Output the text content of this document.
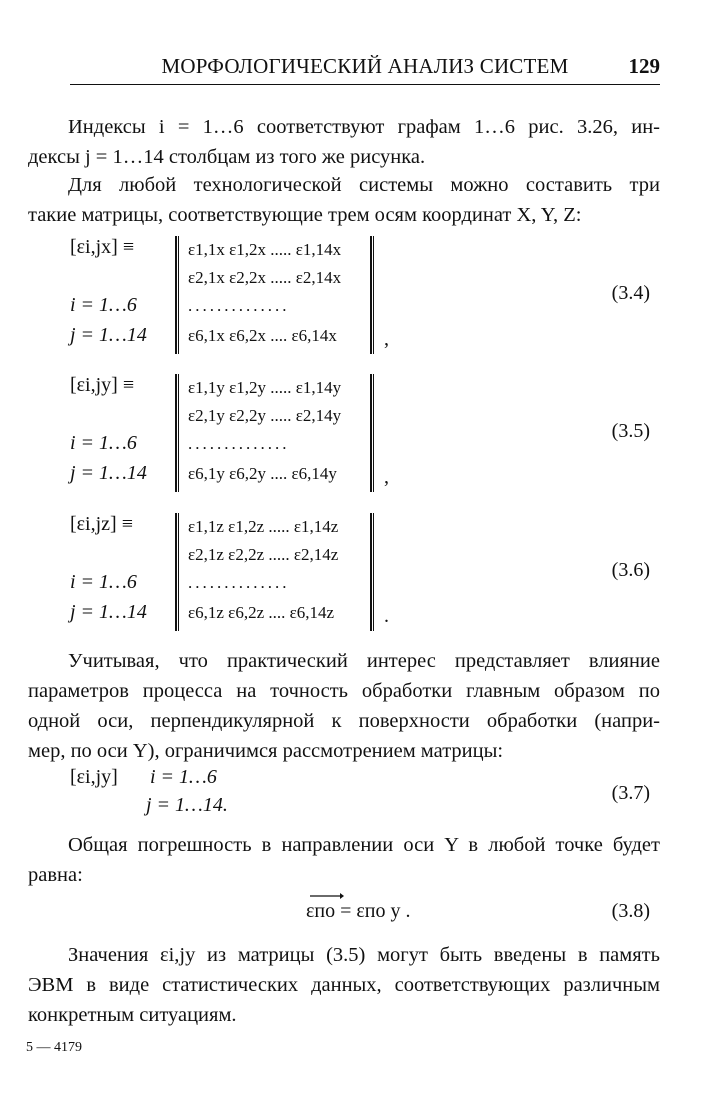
МОРФОЛОГИЧЕСКИЙ АНАЛИЗ СИСТЕМ	129
Индексы i = 1…6 соответствуют графам 1…6 рис. 3.26, ин-
дексы j = 1…14 столбцам из того же рисунка.
Для любой технологической системы можно составить три
такие матрицы, соответствующие трем осям координат X, Y, Z:
[εi,jx] ≡
i = 1…6
j = 1…14
ε1,1x ε1,2x ..... ε1,14x
ε2,1x ε2,2x ..... ε2,14x
..............
ε6,1x ε6,2x .... ε6,14x ,
(3.4)
[εi,jy] ≡
i = 1…6
j = 1…14
ε1,1y ε1,2y ..... ε1,14y
ε2,1y ε2,2y ..... ε2,14y
..............
ε6,1y ε6,2y .... ε6,14y ,
(3.5)
[εi,jz] ≡
i = 1…6
j = 1…14
ε1,1z ε1,2z ..... ε1,14z
ε2,1z ε2,2z ..... ε2,14z
..............
ε6,1z ε6,2z .... ε6,14z .
(3.6)
Учитывая, что практический интерес представляет влияние
параметров процесса на точность обработки главным образом по
одной оси, перпендикулярной к поверхности обработки (напри-
мер, по оси Y), ограничимся рассмотрением матрицы:
[εi,jy] i = 1…6
j = 1…14.
(3.7)
Общая погрешность в направлении оси Y в любой точке будет
равна:
εпо = εпо y .	(3.8)
Значения εi,jy из матрицы (3.5) могут быть введены в память
ЭВМ в виде статистических данных, соответствующих различным
конкретным ситуациям.
5 — 4179
